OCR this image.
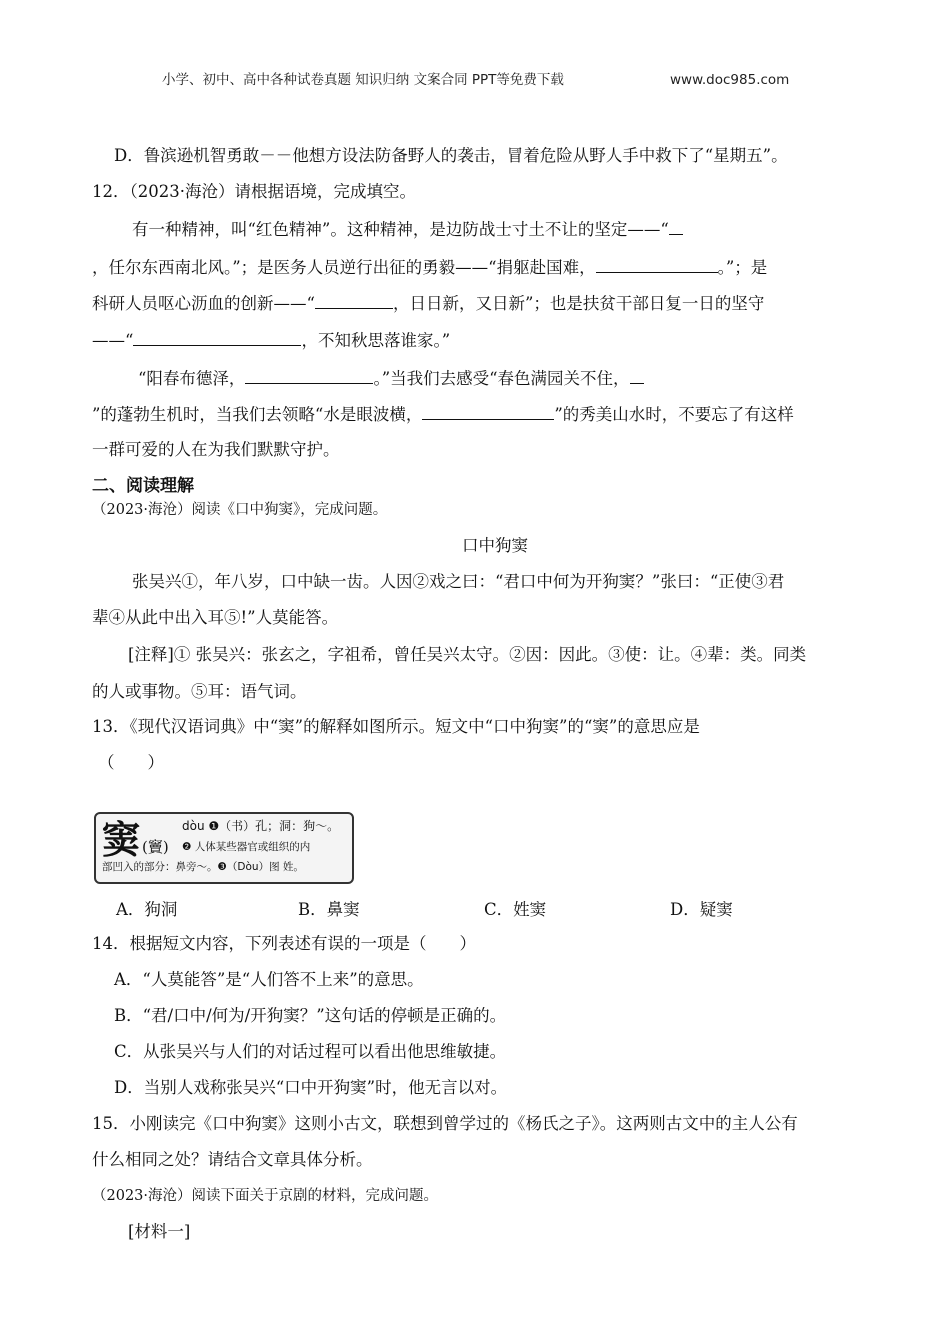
小学、初中、高中各种试卷真题 知识归纳 文案合同 PPT等免费下载	www.doc985.com
D．鲁滨逊机智勇敢－－他想方设法防备野人的袭击，冒着危险从野人手中救下了“星期五”。
12．（2023·海沧）请根据语境，完成填空。
有一种精神，叫“红色精神”。这种精神，是边防战士寸土不让的坚定——“
，任尔东西南北风。”；是医务人员逆行出征的勇毅——“捐躯赴国难，	。”；是
科研人员呕心沥血的创新——“	，日日新，又日新”；也是扶贫干部日复一日的坚守
——“	，不知秋思落谁家。”
“阳春布德泽，	。”当我们去感受“春色满园关不住，
”的蓬勃生机时，当我们去领略“水是眼波横，	”的秀美山水时，不要忘了有这样
一群可爱的人在为我们默默守护。
二、阅读理解
（2023·海沧）阅读《口中狗窦》，完成问题。
口中狗窦
张吴兴①，年八岁，口中缺一齿。人因②戏之曰：“君口中何为开狗窦？”张曰：“正使③君
辈④从此中出入耳⑤!”人莫能答。
[注释]① 张吴兴：张玄之，字祖希，曾任吴兴太守。②因：因此。③使：让。④辈：类。同类
的人或事物。⑤耳：语气词。
13．《现代汉语词典》中“窦”的解释如图所示。短文中“口中狗窦”的“窦”的意思应是
（　　）
窦 (竇)
dòu ❶（书）孔；洞：狗～。
❷ 人体某些器官或组织的内
部凹入的部分：鼻旁～。❸（Dòu）图 姓。
A．狗洞	B．鼻窦	C．姓窦	D．疑窦
14．根据短文内容，下列表述有误的一项是（　　）
A．“人莫能答”是“人们答不上来”的意思。
B．“君/口中/何为/开狗窦？”这句话的停顿是正确的。
C．从张吴兴与人们的对话过程可以看出他思维敏捷。
D．当别人戏称张吴兴“口中开狗窦”时，他无言以对。
15．小刚读完《口中狗窦》这则小古文，联想到曾学过的《杨氏之子》。这两则古文中的主人公有
什么相同之处？请结合文章具体分析。
（2023·海沧）阅读下面关于京剧的材料，完成问题。
[材料一]
